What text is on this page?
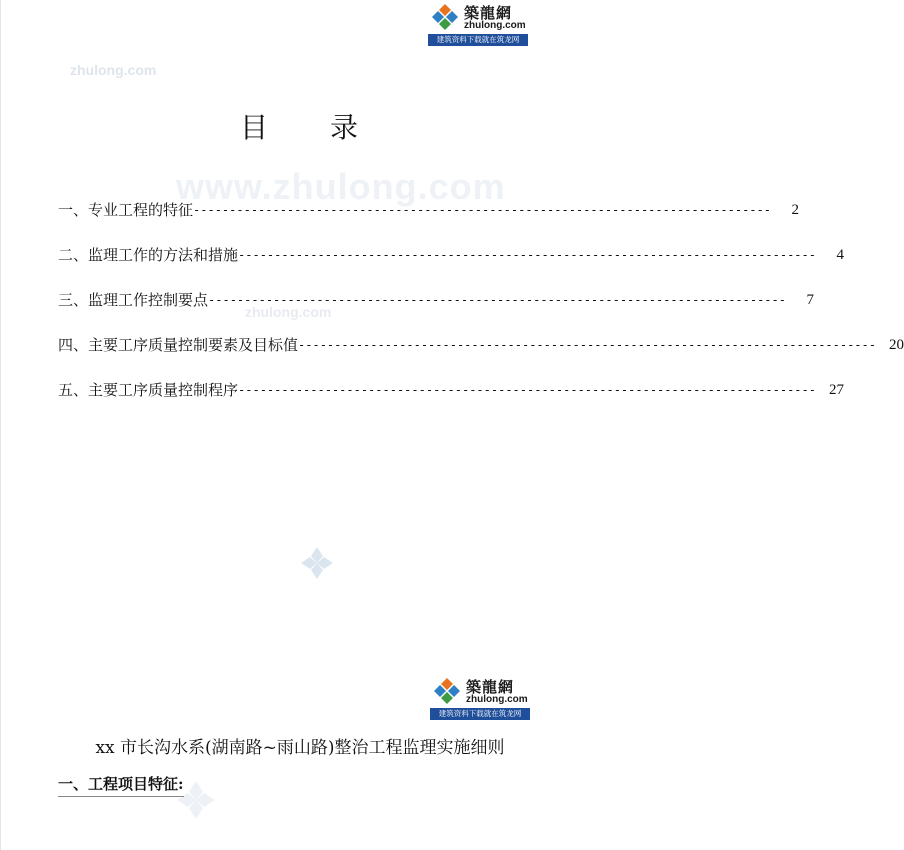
築龍網
zhulong.com
建筑资料下载就在筑龙网
zhulong.com
www.zhulong.com
zhulong.com
目 录
一、专业工程的特征 --------------------------------------------------------------------------------	2
二、监理工作的方法和措施 --------------------------------------------------------------------------------	4
三、监理工作控制要点 --------------------------------------------------------------------------------	7
四、主要工序质量控制要素及目标值 -------------------------------------------------------------------------------- 20
五、主要工序质量控制程序 -------------------------------------------------------------------------------- 27
築龍網
zhulong.com
建筑资料下载就在筑龙网
xx 市长沟水系(湖南路~雨山路)整治工程监理实施细则
一、工程项目特征:
